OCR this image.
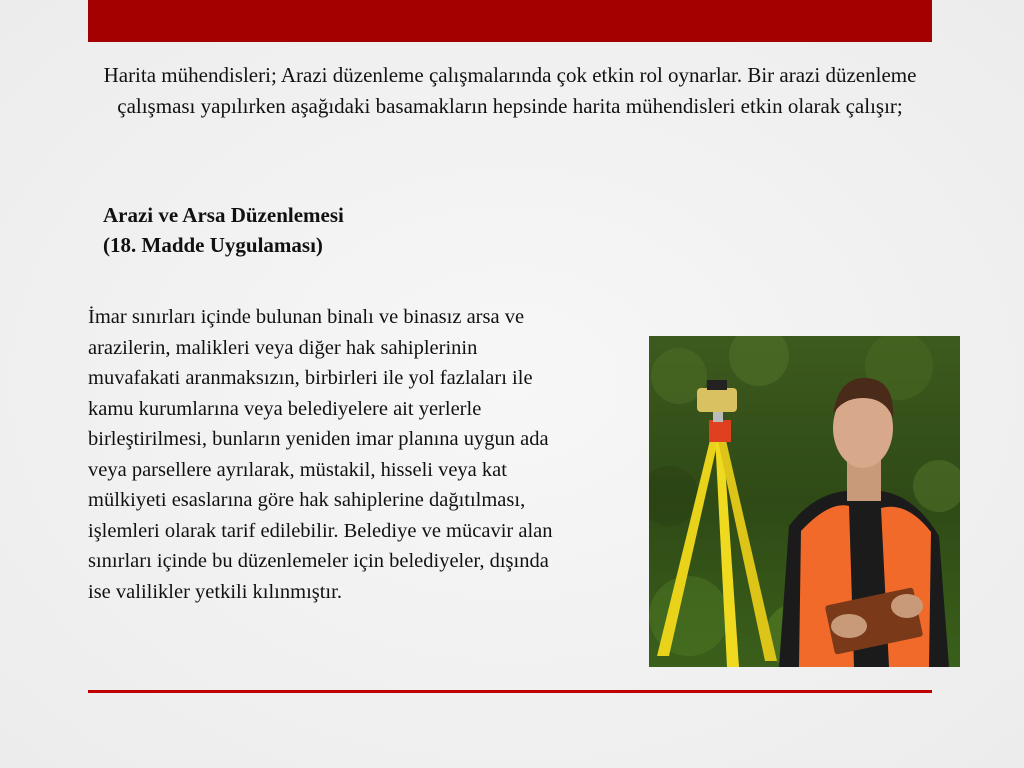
Harita mühendisleri; Arazi düzenleme çalışmalarında çok etkin rol oynarlar. Bir arazi düzenleme çalışması yapılırken aşağıdaki basamakların hepsinde harita mühendisleri etkin olarak çalışır;

Arazi ve Arsa Düzenlemesi
(18. Madde Uygulaması)

İmar sınırları içinde bulunan binalı ve binasız arsa ve arazilerin, malikleri veya diğer hak sahiplerinin muvafakati aranmaksızın, birbirleri ile yol fazlaları ile kamu kurumlarına veya belediyelere ait yerlerle birleştirilmesi, bunların yeniden imar planına uygun ada veya parsellere ayrılarak, müstakil, hisseli veya kat mülkiyeti esaslarına göre hak sahiplerine dağıtılması, işlemleri olarak tarif edilebilir. Belediye ve mücavir alan sınırları içinde bu düzenlemeler için belediyeler, dışında ise valilikler yetkili kılınmıştır.
